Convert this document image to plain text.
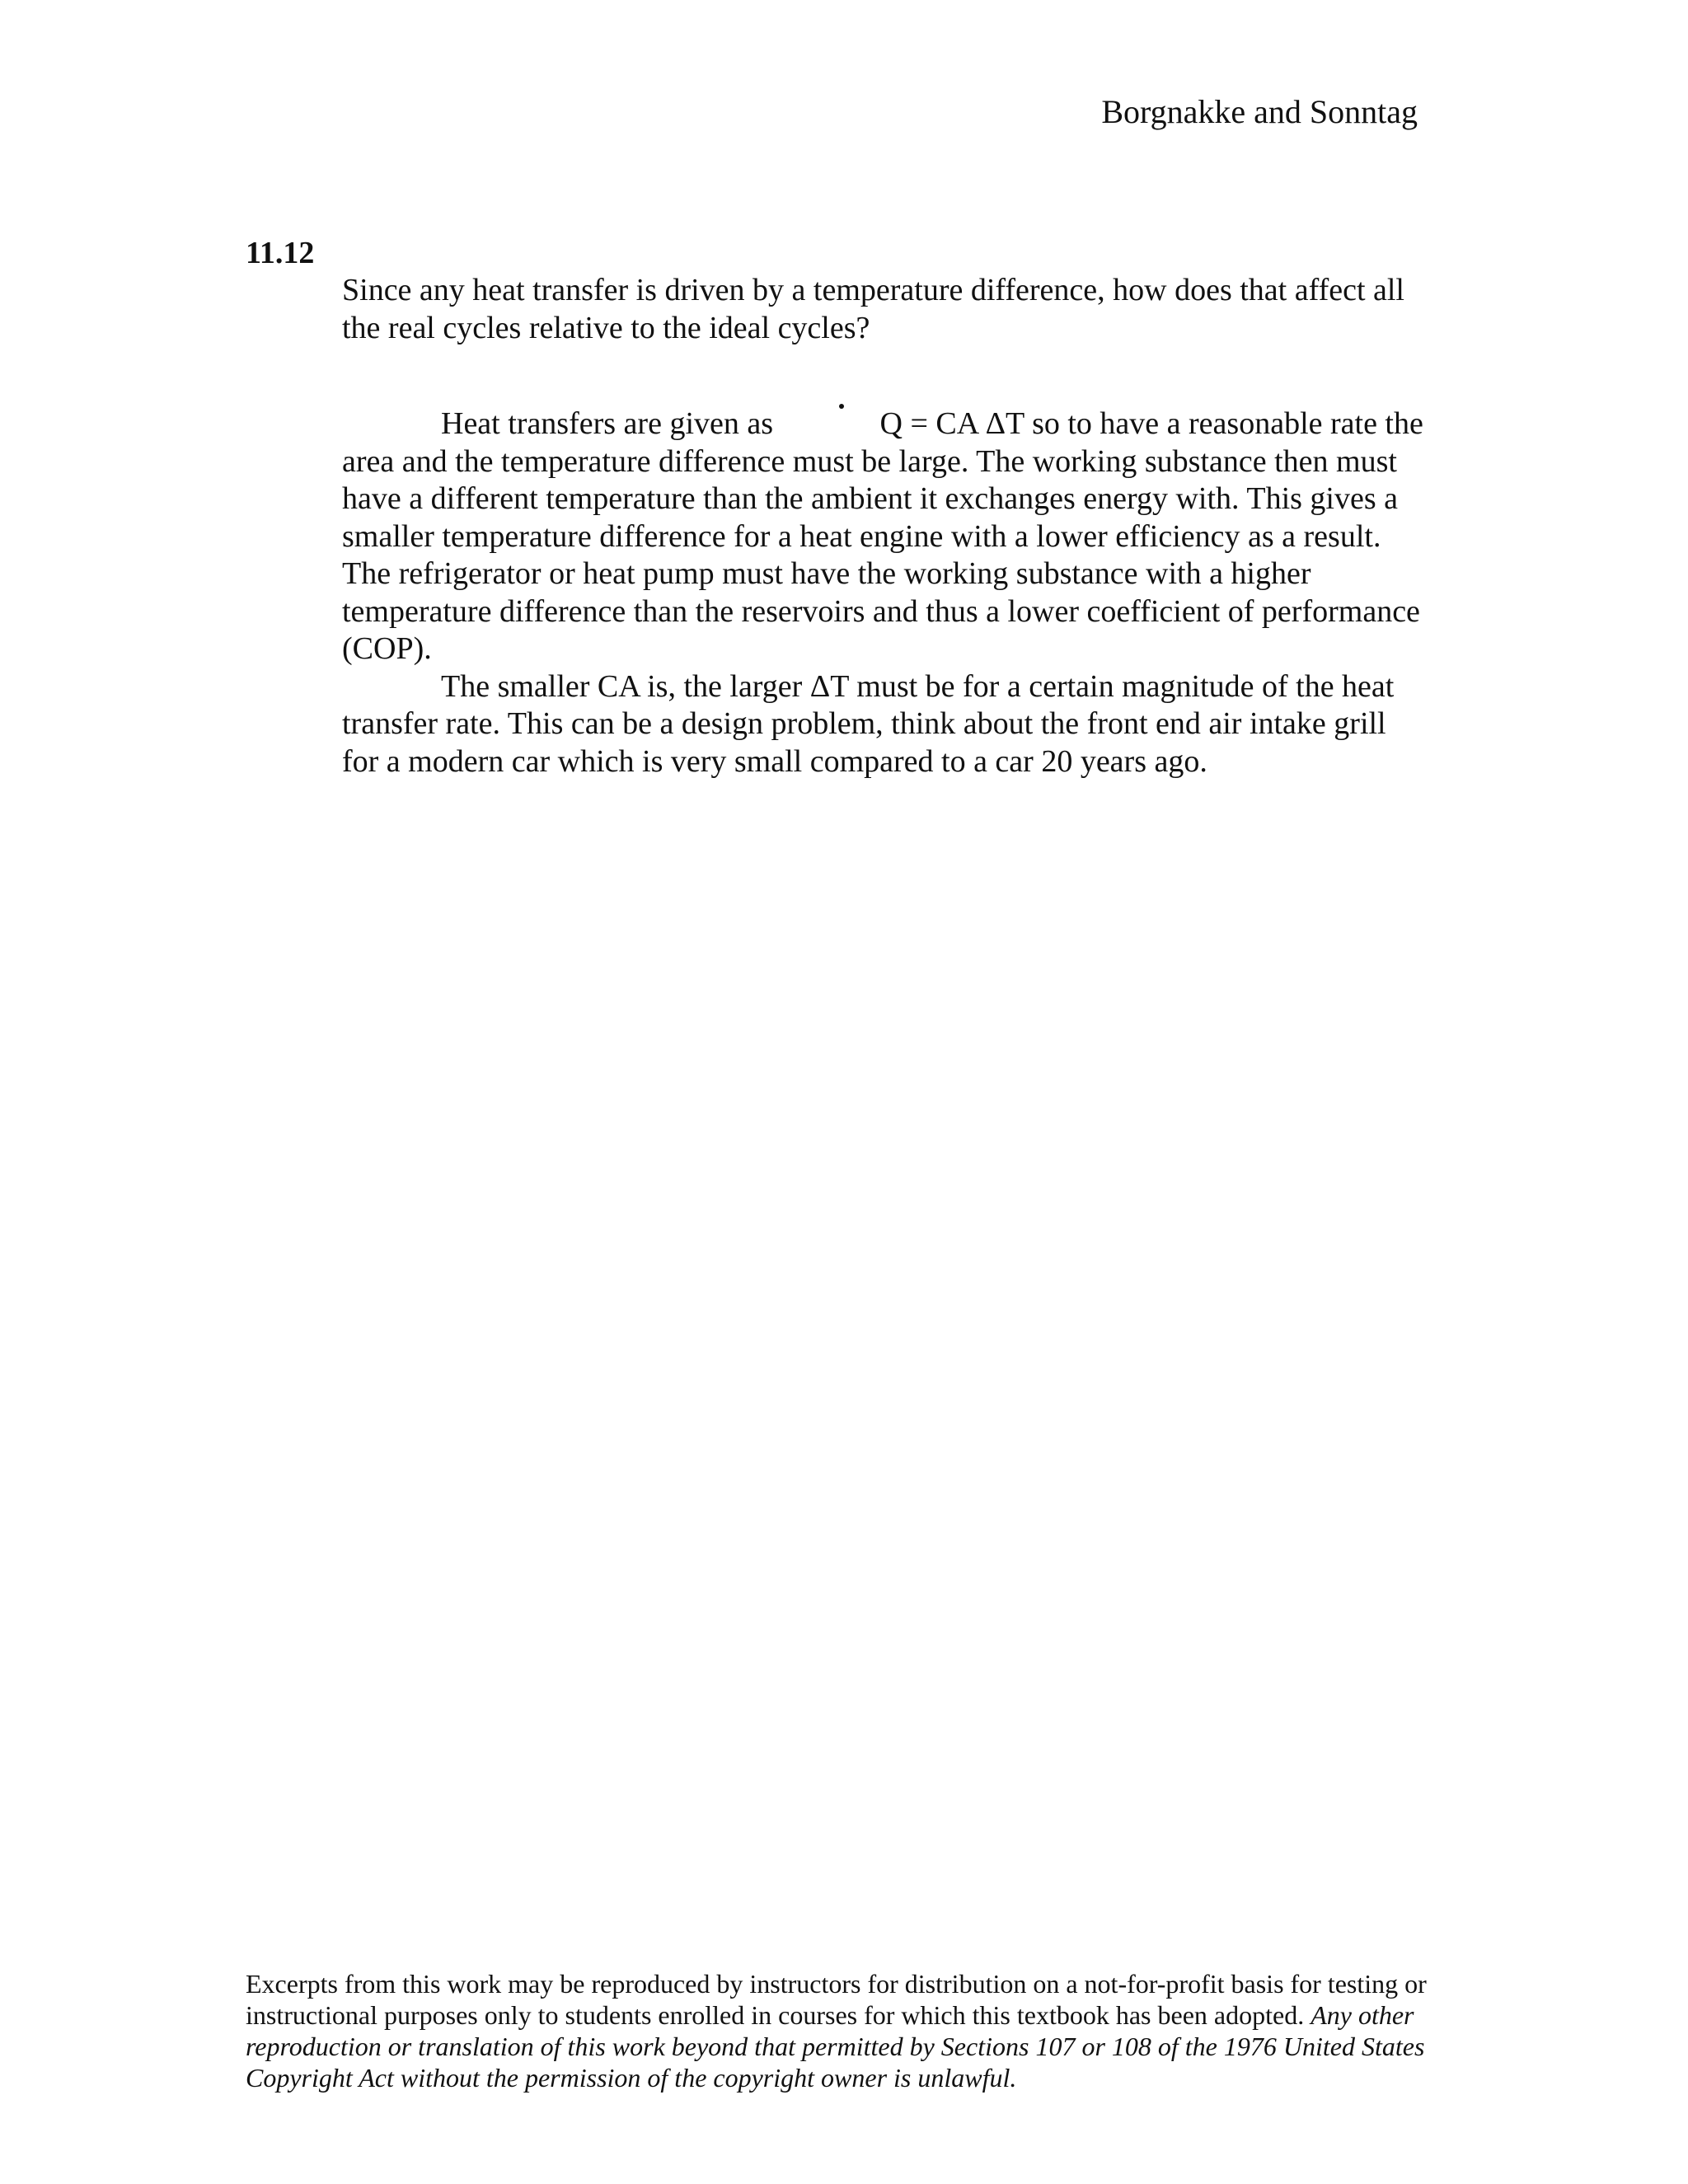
Borgnakke and Sonntag
11.12
Since any heat transfer is driven by a temperature difference, how does that affect all the real cycles relative to the ideal cycles?

Heat transfers are given as	Q = CA ΔT so to have a reasonable rate the area and the temperature difference must be large. The working substance then must have a different temperature than the ambient it exchanges energy with. This gives a smaller temperature difference for a heat engine with a lower efficiency as a result. The refrigerator or heat pump must have the working substance with a higher temperature difference than the reservoirs and thus a lower coefficient of performance (COP).

The smaller CA is, the larger ΔT must be for a certain magnitude of the heat transfer rate. This can be a design problem, think about the front end air intake grill for a modern car which is very small compared to a car 20 years ago.

Excerpts from this work may be reproduced by instructors for distribution on a not-for-profit basis for testing or instructional purposes only to students enrolled in courses for which this textbook has been adopted. Any other reproduction or translation of this work beyond that permitted by Sections 107 or 108 of the 1976 United States Copyright Act without the permission of the copyright owner is unlawful.
